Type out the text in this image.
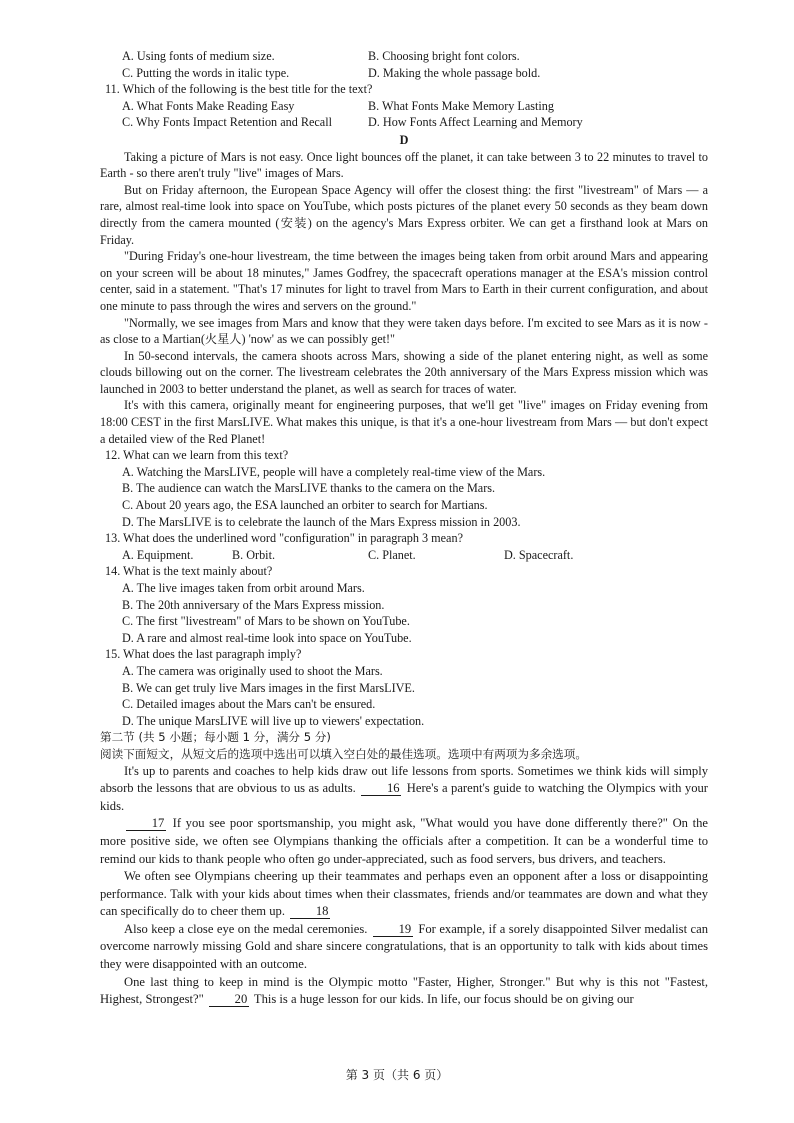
A. Using fonts of medium size.	B. Choosing bright font colors.
C. Putting the words in italic type.	D. Making the whole passage bold.
11. Which of the following is the best title for the text?
A. What Fonts Make Reading Easy	B. What Fonts Make Memory Lasting
C. Why Fonts Impact Retention and Recall	D. How Fonts Affect Learning and Memory
D

Taking a picture of Mars is not easy. Once light bounces off the planet, it can take between 3 to 22 minutes to travel to Earth - so there aren't truly "live" images of Mars.

But on Friday afternoon, the European Space Agency will offer the closest thing: the first "livestream" of Mars — a rare, almost real-time look into space on YouTube, which posts pictures of the planet every 50 seconds as they beam down directly from the camera mounted (安装) on the agency's Mars Express orbiter. We can get a firsthand look at Mars on Friday.

"During Friday's one-hour livestream, the time between the images being taken from orbit around Mars and appearing on your screen will be about 18 minutes," James Godfrey, the spacecraft operations manager at the ESA's mission control center, said in a statement. "That's 17 minutes for light to travel from Mars to Earth in their current configuration, and about one minute to pass through the wires and servers on the ground."

"Normally, we see images from Mars and know that they were taken days before. I'm excited to see Mars as it is now - as close to a Martian(火星人) 'now' as we can possibly get!"

In 50-second intervals, the camera shoots across Mars, showing a side of the planet entering night, as well as some clouds billowing out on the corner. The livestream celebrates the 20th anniversary of the Mars Express mission which was launched in 2003 to better understand the planet, as well as search for traces of water.

It's with this camera, originally meant for engineering purposes, that we'll get "live" images on Friday evening from 18:00 CEST in the first MarsLIVE. What makes this unique, is that it's a one-hour livestream from Mars — but don't expect a detailed view of the Red Planet!

12. What can we learn from this text?
A. Watching the MarsLIVE, people will have a completely real-time view of the Mars.
B. The audience can watch the MarsLIVE thanks to the camera on the Mars.
C. About 20 years ago, the ESA launched an orbiter to search for Martians.
D. The MarsLIVE is to celebrate the launch of the Mars Express mission in 2003.
13. What does the underlined word "configuration" in paragraph 3 mean?
A. Equipment.	B. Orbit.	C. Planet.	D. Spacecraft.
14. What is the text mainly about?
A. The live images taken from orbit around Mars.
B. The 20th anniversary of the Mars Express mission.
C. The first "livestream" of Mars to be shown on YouTube.
D. A rare and almost real-time look into space on YouTube.
15. What does the last paragraph imply?
A. The camera was originally used to shoot the Mars.
B. We can get truly live Mars images in the first MarsLIVE.
C. Detailed images about the Mars can't be ensured.
D. The unique MarsLIVE will live up to viewers' expectation.
第二节 (共 5 小题；每小题 1 分，满分 5 分)
阅读下面短文，从短文后的选项中选出可以填入空白处的最佳选项。选项中有两项为多余选项。

It's up to parents and coaches to help kids draw out life lessons from sports. Sometimes we think kids will simply absorb the lessons that are obvious to us as adults. 16 Here's a parent's guide to watching the Olympics with your kids.

17 If you see poor sportsmanship, you might ask, "What would you have done differently there?" On the more positive side, we often see Olympians thanking the officials after a competition. It can be a wonderful time to remind our kids to thank people who often go under-appreciated, such as food servers, bus drivers, and teachers.

We often see Olympians cheering up their teammates and perhaps even an opponent after a loss or disappointing performance. Talk with your kids about times when their classmates, friends and/or teammates are down and what they can specifically do to cheer them up. 18

Also keep a close eye on the medal ceremonies. 19 For example, if a sorely disappointed Silver medalist can overcome narrowly missing Gold and share sincere congratulations, that is an opportunity to talk with kids about times they were disappointed with an outcome.

One last thing to keep in mind is the Olympic motto "Faster, Higher, Stronger." But why is this not "Fastest, Highest, Strongest?" 20 This is a huge lesson for our kids. In life, our focus should be on giving our

第 3 页（共 6 页）
